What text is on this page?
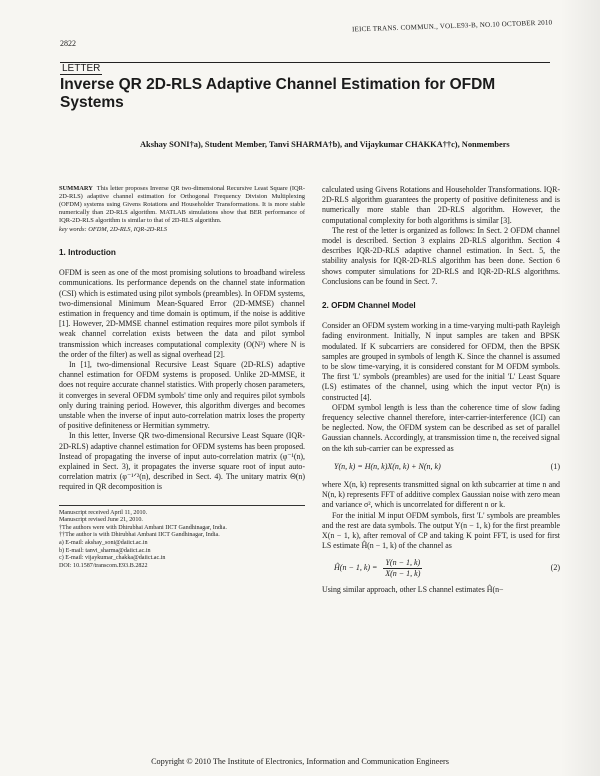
IEICE TRANS. COMMUN., VOL.E93-B, NO.10 OCTOBER 2010
2822
LETTER
Inverse QR 2D-RLS Adaptive Channel Estimation for OFDM Systems
Akshay SONI†a), Student Member, Tanvi SHARMA†b), and Vijaykumar CHAKKA††c), Nonmembers
SUMMARY This letter proposes Inverse QR two-dimensional Recursive Least Square (IQR-2D-RLS) adaptive channel estimation for Orthogonal Frequency Division Multiplexing (OFDM) systems using Givens Rotations and Householder Transformations. It is more stable numerically than 2D-RLS algorithm. MATLAB simulations show that BER performance of IQR-2D-RLS algorithm is similar to that of 2D-RLS algorithm.
key words: OFDM, 2D-RLS, IQR-2D-RLS
1. Introduction

OFDM is seen as one of the most promising solutions to broadband wireless communications. Its performance depends on the channel state information (CSI) which is estimated using pilot symbols (preambles). In OFDM systems, two-dimensional Minimum Mean-Squared Error (2D-MMSE) channel estimation in frequency and time domain is optimum, if the noise is additive [1]. However, 2D-MMSE channel estimation requires more pilot symbols if weak channel correlation exists between the data and pilot symbol transmission which increases computational complexity (O(N³) where N is the order of the filter) as well as signal overhead [2].

In [1], two-dimensional Recursive Least Square (2D-RLS) adaptive channel estimation for OFDM systems is proposed. Unlike 2D-MMSE, it does not require accurate channel statistics. With properly chosen parameters, it converges in several OFDM symbols' time only and requires pilot symbols only during training period. However, this algorithm diverges and becomes unstable when the inverse of input auto-correlation matrix loses the property of positive definiteness or Hermitian symmetry.

In this letter, Inverse QR two-dimensional Recursive Least Square (IQR-2D-RLS) adaptive channel estimation for OFDM systems has been proposed. Instead of propagating the inverse of input auto-correlation matrix (φ⁻¹(n), explained in Sect. 3), it propagates the inverse square root of input auto-correlation matrix (φ⁻¹ᐟ²(n), described in Sect. 4). The unitary matrix Θ(n) required in QR decomposition is

Manuscript received April 11, 2010.
Manuscript revised June 21, 2010.
†The authors were with Dhirubhai Ambani IICT Gandhinagar, India.
††The author is with Dhirubhai Ambani IICT Gandhinagar, India.
a) E-mail: akshay_soni@daiict.ac.in
b) E-mail: tanvi_sharma@daiict.ac.in
c) E-mail: vijaykumar_chakka@daiict.ac.in
DOI: 10.1587/transcom.E93.B.2822

calculated using Givens Rotations and Householder Transformations. IQR-2D-RLS algorithm guarantees the property of positive definiteness and is numerically more stable than 2D-RLS algorithm. However, the computational complexity for both algorithms is similar [3].

The rest of the letter is organized as follows: In Sect. 2 OFDM channel model is described. Section 3 explains 2D-RLS algorithm. Section 4 describes IQR-2D-RLS adaptive channel estimation. In Sect. 5, the stability analysis for IQR-2D-RLS algorithm has been done. Section 6 shows computer simulations for 2D-RLS and IQR-2D-RLS algorithms. Conclusions can be found in Sect. 7.

2. OFDM Channel Model

Consider an OFDM system working in a time-varying multi-path Rayleigh fading environment. Initially, N input samples are taken and BPSK modulated. If K subcarriers are considered for OFDM, then the BPSK samples are grouped in symbols of length K. Since the channel is assumed to be slow time-varying, it is considered constant for M OFDM symbols. The first 'L' symbols (preambles) are used for the initial 'L' Least Square (LS) estimates of the channel, using which the input vector P(n) is constructed [4].

OFDM symbol length is less than the coherence time of slow fading frequency selective channel therefore, inter-carrier-interference (ICI) can be neglected. Now, the OFDM system can be described as set of parallel Gaussian channels. Accordingly, at transmission time n, the received signal on the kth sub-carrier can be expressed as

Y(n, k) = H(n, k)X(n, k) + N(n, k)	(1)

where X(n, k) represents transmitted signal on kth subcarrier at time n and N(n, k) represents FFT of additive complex Gaussian noise with zero mean and variance σ², which is uncorrelated for different n or k.

For the initial M input OFDM symbols, first 'L' symbols are preambles and the rest are data symbols. The output Y(n − 1, k) for the first preamble X(n − 1, k), after removal of CP and taking K point FFT, is used for first LS estimate Ĥ(n − 1, k) of the channel as

Ĥ(n − 1, $k) = \frac{Y(n - 1, k)}{X(n - 1, k)}$	(2)

Using similar approach, other LS channel estimates Ĥ(n−

Copyright © 2010 The Institute of Electronics, Information and Communication Engineers
